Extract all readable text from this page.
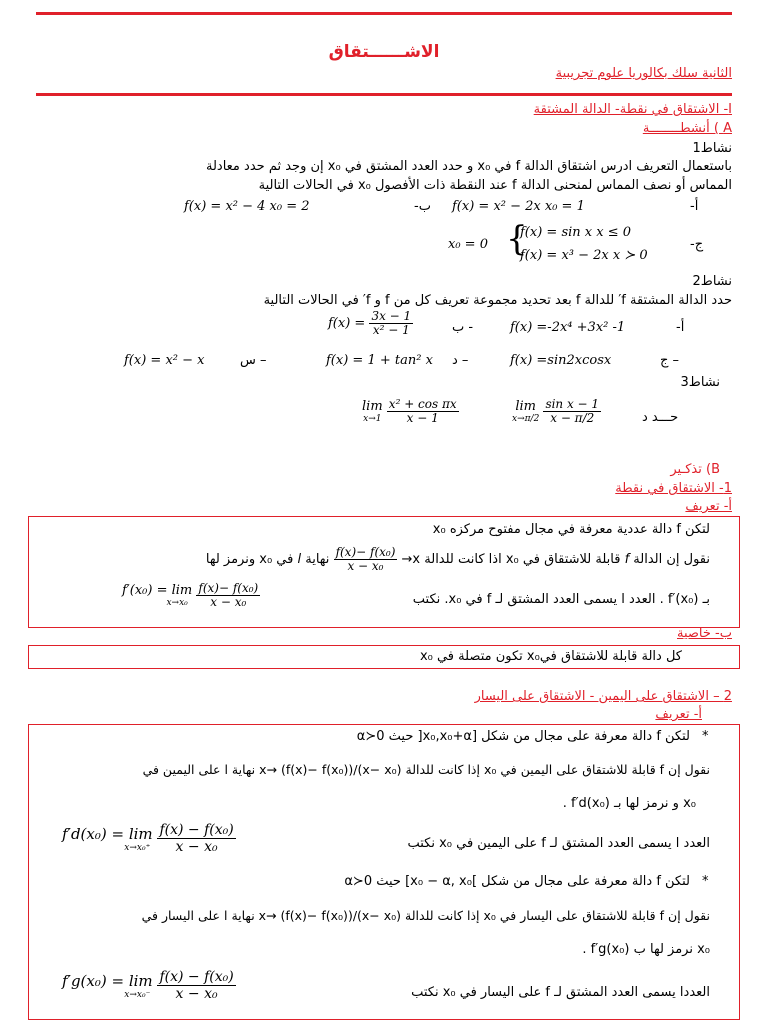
الاشــــــتقاق
الثانية سلك بكالوريا علوم تجريبية
I- الاشتقاق في نقطة- الدالة المشتقة
A ) أنشطــــــــة
نشاط1
باستعمال التعريف ادرس اشتقاق الدالة f في x₀ و حدد العدد المشتق في x₀ إن وجد ثم حدد معادلة
المماس أو نصف المماس لمنحنى الدالة f عند النقطة ذات الأفصول x₀ في الحالات التالية
-أ
f(x) = x² − 2x x₀ = 1
-ب
f(x) = x² − 4 x₀ = 2
-ج
{
f(x) = sin x x ≤ 0
f(x) = x³ − 2x x ≻ 0
x₀ = 0
نشاط2
حدد الدالة المشتقة f′ للدالة f بعد تحديد مجموعة تعريف كل من f و f′ في الحالات التالية
-أ
f(x) =-2x⁴ +3x² -1
ب -
$f(x) = \frac{3x - 1}{\text{x² − 1}}$
ج –
f(x) =sin2xcosx
د –
f(x) = 1 + tan² x
س –
f(x) = x² − x
نشاط3
حـــد د
lim
x→π/2
$\frac{\text{sin x − 1}}{x - \pi/2}$
lim
x→1
$\frac{\text{x² + cos πx}}{x - 1}$
B) تذكـير
1- الاشتقاق في نقطة
أ- تعريف
لتكن f دالة عددية معرفة في مجال مفتوح مركزه x₀
نقول إن الدالة f قابلة للاشتقاق في x₀ اذا كانت للدالة x→
$\frac{\text{f(x)− f(x₀)}}{\text{x − x₀}}$
نهاية l في x₀ ونرمز لها
بـ f′(x₀) . العدد l يسمى العدد المشتق لـ f في x₀. نكتب
f′(x₀) = lim
x→x₀
$\frac{\text{f(x)− f(x₀)}}{\text{x − x₀}}$
ب- خاصية
كل دالة قابلة للاشتقاق فيx₀ تكون متصلة في x₀
2 – الاشتقاق على اليمين - الاشتقاق على اليسار
أ- تعريف
*
لتكن f دالة معرفة على مجال من شكل [x₀,x₀+α[ حيث α≻0
نقول إن f قابلة للاشتقاق على اليمين في x₀ إذا كانت للدالة x→ (f(x)− f(x₀))/(x− x₀) نهاية l على اليمين في
x₀ و نرمز لها بـ f′d(x₀) .
العدد l يسمى العدد المشتق لـ f على اليمين في x₀ نكتب
f′d(x₀) = lim
x→x₀⁺
$\frac{\text{f(x) − f(x₀)}}{\text{x − x₀}}$
*
لتكن f دالة معرفة على مجال من شكل ]x₀ − α, x₀] حيث α≻0
نقول إن f قابلة للاشتقاق على اليسار في x₀ إذا كانت للدالة x→ (f(x)− f(x₀))/(x− x₀) نهاية l على اليسار في
x₀ نرمز لها ب f′g(x₀) .
العددl يسمى العدد المشتق لـ f على اليسار في x₀ نكتب
f′g(x₀) = lim
x→x₀⁻
$\frac{\text{f(x) − f(x₀)}}{\text{x − x₀}}$
